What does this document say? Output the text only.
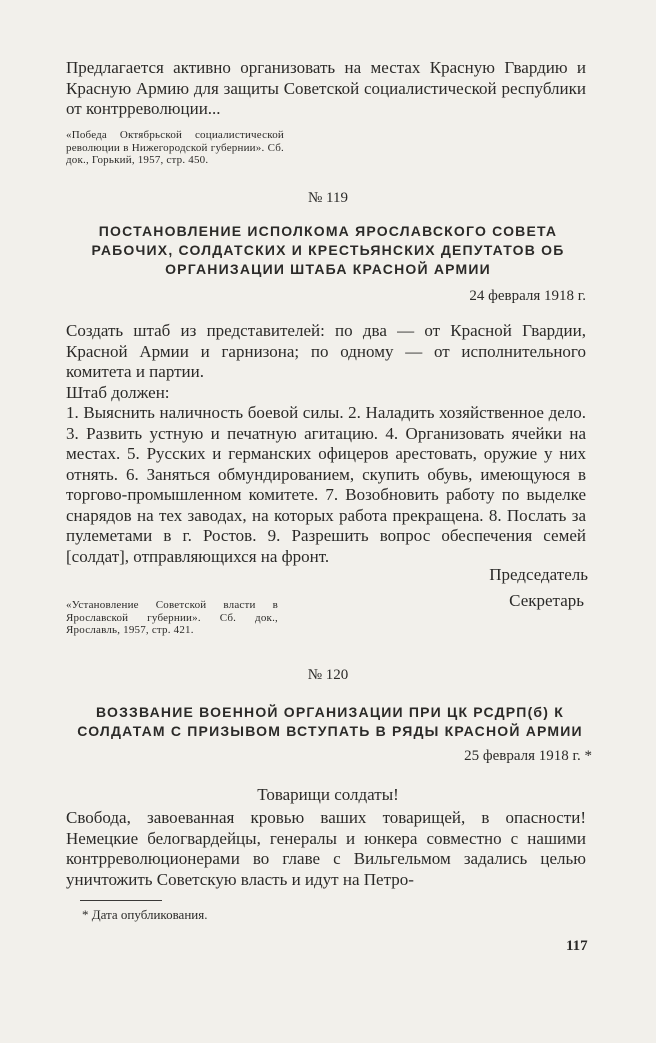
Предлагается активно организовать на местах Красную Гвардию и Красную Армию для защиты Советской социалистической республики от контрреволюции...

«Победа Октябрьской социалистической революции в Нижегородской губернии». Сб. док., Горький, 1957, стр. 450.

№ 119
ПОСТАНОВЛЕНИЕ ИСПОЛКОМА ЯРОСЛАВСКОГО СОВЕТА РАБОЧИХ, СОЛДАТСКИХ И КРЕСТЬЯНСКИХ ДЕПУТАТОВ ОБ ОРГАНИЗАЦИИ ШТАБА КРАСНОЙ АРМИИ
24 февраля 1918 г.

Создать штаб из представителей: по два — от Красной Гвардии, Красной Армии и гарнизона; по одному — от исполнительного комитета и партии.

Штаб должен:

1. Выяснить наличность боевой силы. 2. Наладить хозяйственное дело. 3. Развить устную и печатную агитацию. 4. Организовать ячейки на местах. 5. Русских и германских офицеров арестовать, оружие у них отнять. 6. Заняться обмундированием, скупить обувь, имеющуюся в торгово-промышленном комитете. 7. Возобновить работу по выделке снарядов на тех заводах, на которых работа прекращена. 8. Послать за пулеметами в г. Ростов. 9. Разрешить вопрос обеспечения семей [солдат], отправляющихся на фронт.

Председатель
Секретарь

«Установление Советской власти в Ярославской губернии». Сб. док., Ярославль, 1957, стр. 421.

№ 120
ВОЗЗВАНИЕ ВОЕННОЙ ОРГАНИЗАЦИИ ПРИ ЦК РСДРП(б) К СОЛДАТАМ С ПРИЗЫВОМ ВСТУПАТЬ В РЯДЫ КРАСНОЙ АРМИИ
25 февраля 1918 г. *
Товарищи солдаты!

Свобода, завоеванная кровью ваших товарищей, в опасности! Немецкие белогвардейцы, генералы и юнкера совместно с нашими контрреволюционерами во главе с Вильгельмом задались целью уничтожить Советскую власть и идут на Петро-

* Дата опубликования.
117
